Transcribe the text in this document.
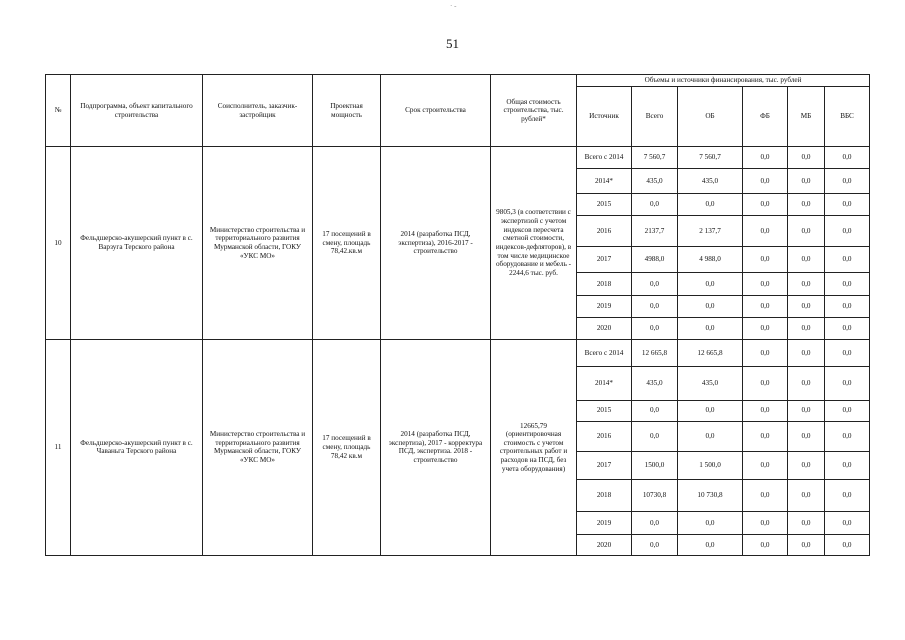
· -
51
№	Подпрограмма, объект капитального строительства	Соисполнитель, заказчик-застройщик	Проектная мощность	Срок строительства	Общая стоимость строительства, тыс. рублей*	Объемы и источники финансирования, тыс. рублей					
						Источник	Всего	ОБ	ФБ	МБ	ВБС
10	Фельдшерско-акушерский пункт в с. Варзуга Терского района	Министерство строительства и территориального развития Мурманской области, ГОКУ «УКС МО»	17 посещений в смену, площадь 78,42.кв.м	2014 (разработка ПСД, экспертиза), 2016-2017 - строительство	9805,3 (в соответствии с экспертизой с учетом индексов пересчета сметной стоимости, индексов-дефляторов), в том числе медицинское оборудование и мебель - 2244,6 тыс. руб.	Всего с 2014	7 560,7	7 560,7	0,0	0,0	0,0
						2014*	435,0	435,0	0,0	0,0	0,0
						2015	0,0	0,0	0,0	0,0	0,0
						2016	2137,7	2 137,7	0,0	0,0	0,0
						2017	4988,0	4 988,0	0,0	0,0	0,0
						2018	0,0	0,0	0,0	0,0	0,0
						2019	0,0	0,0	0,0	0,0	0,0
						2020	0,0	0,0	0,0	0,0	0,0
11	Фельдшерско-акушерский пункт в с. Чаваньга Терского района	Министерство строительства и территориального развития Мурманской области, ГОКУ «УКС МО»	17 посещений в смену, площадь 78,42 кв.м	2014 (разработка ПСД, экспертиза), 2017 - корректура ПСД, экспертиза. 2018 - строительство	12665,79 (ориентировочная стоимость с учетом строительных работ и расходов на ПСД, без учета оборудования)	Всего с 2014	12 665,8	12 665,8	0,0	0,0	0,0
						2014*	435,0	435,0	0,0	0,0	0,0
						2015	0,0	0,0	0,0	0,0	0,0
						2016	0,0	0,0	0,0	0,0	0,0
						2017	1500,0	1 500,0	0,0	0,0	0,0
						2018	10730,8	10 730,8	0,0	0,0	0,0
						2019	0,0	0,0	0,0	0,0	0,0
						2020	0,0	0,0	0,0	0,0	0,0
